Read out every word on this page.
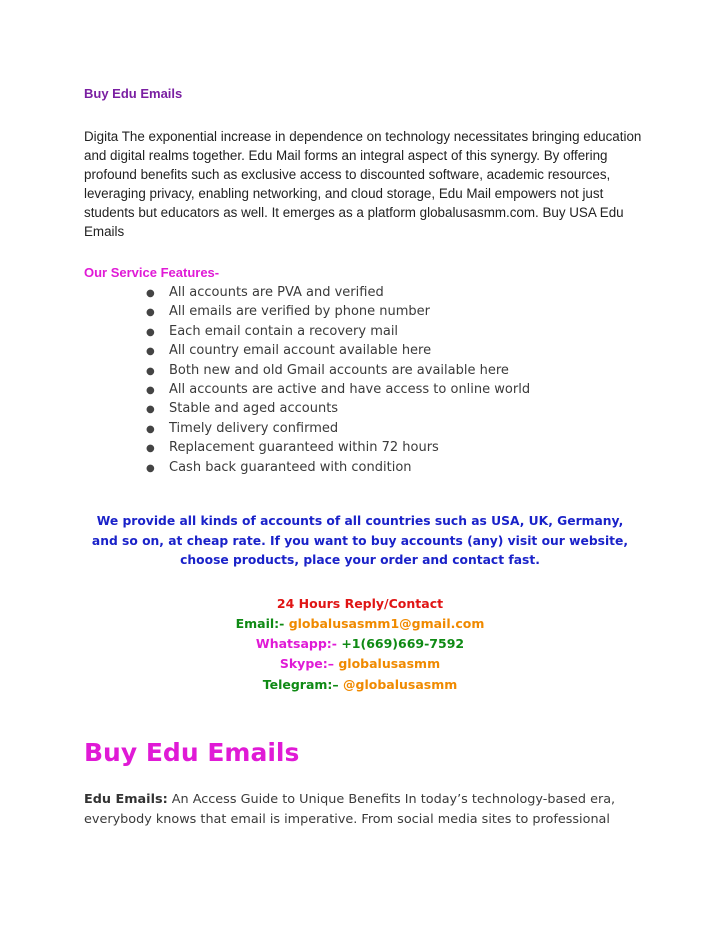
Buy Edu Emails
Digita The exponential increase in dependence on technology necessitates bringing education and digital realms together. Edu Mail forms an integral aspect of this synergy. By offering profound benefits such as exclusive access to discounted software, academic resources, leveraging privacy, enabling networking, and cloud storage, Edu Mail empowers not just students but educators as well. It emerges as a platform globalusasmm.com. Buy USA Edu Emails
Our Service Features-
● All accounts are PVA and verified
● All emails are verified by phone number
● Each email contain a recovery mail
● All country email account available here
● Both new and old Gmail accounts are available here
● All accounts are active and have access to online world
● Stable and aged accounts
● Timely delivery confirmed
● Replacement guaranteed within 72 hours
● Cash back guaranteed with condition
We provide all kinds of accounts of all countries such as USA, UK, Germany, and so on, at cheap rate. If you want to buy accounts (any) visit our website, choose products, place your order and contact fast.
24 Hours Reply/Contact
Email:- globalusasmm1@gmail.com
Whatsapp:- +1(669)669-7592
Skype:– globalusasmm
Telegram:– @globalusasmm
Buy Edu Emails
Edu Emails: An Access Guide to Unique Benefits In today’s technology-based era, everybody knows that email is imperative. From social media sites to professional
